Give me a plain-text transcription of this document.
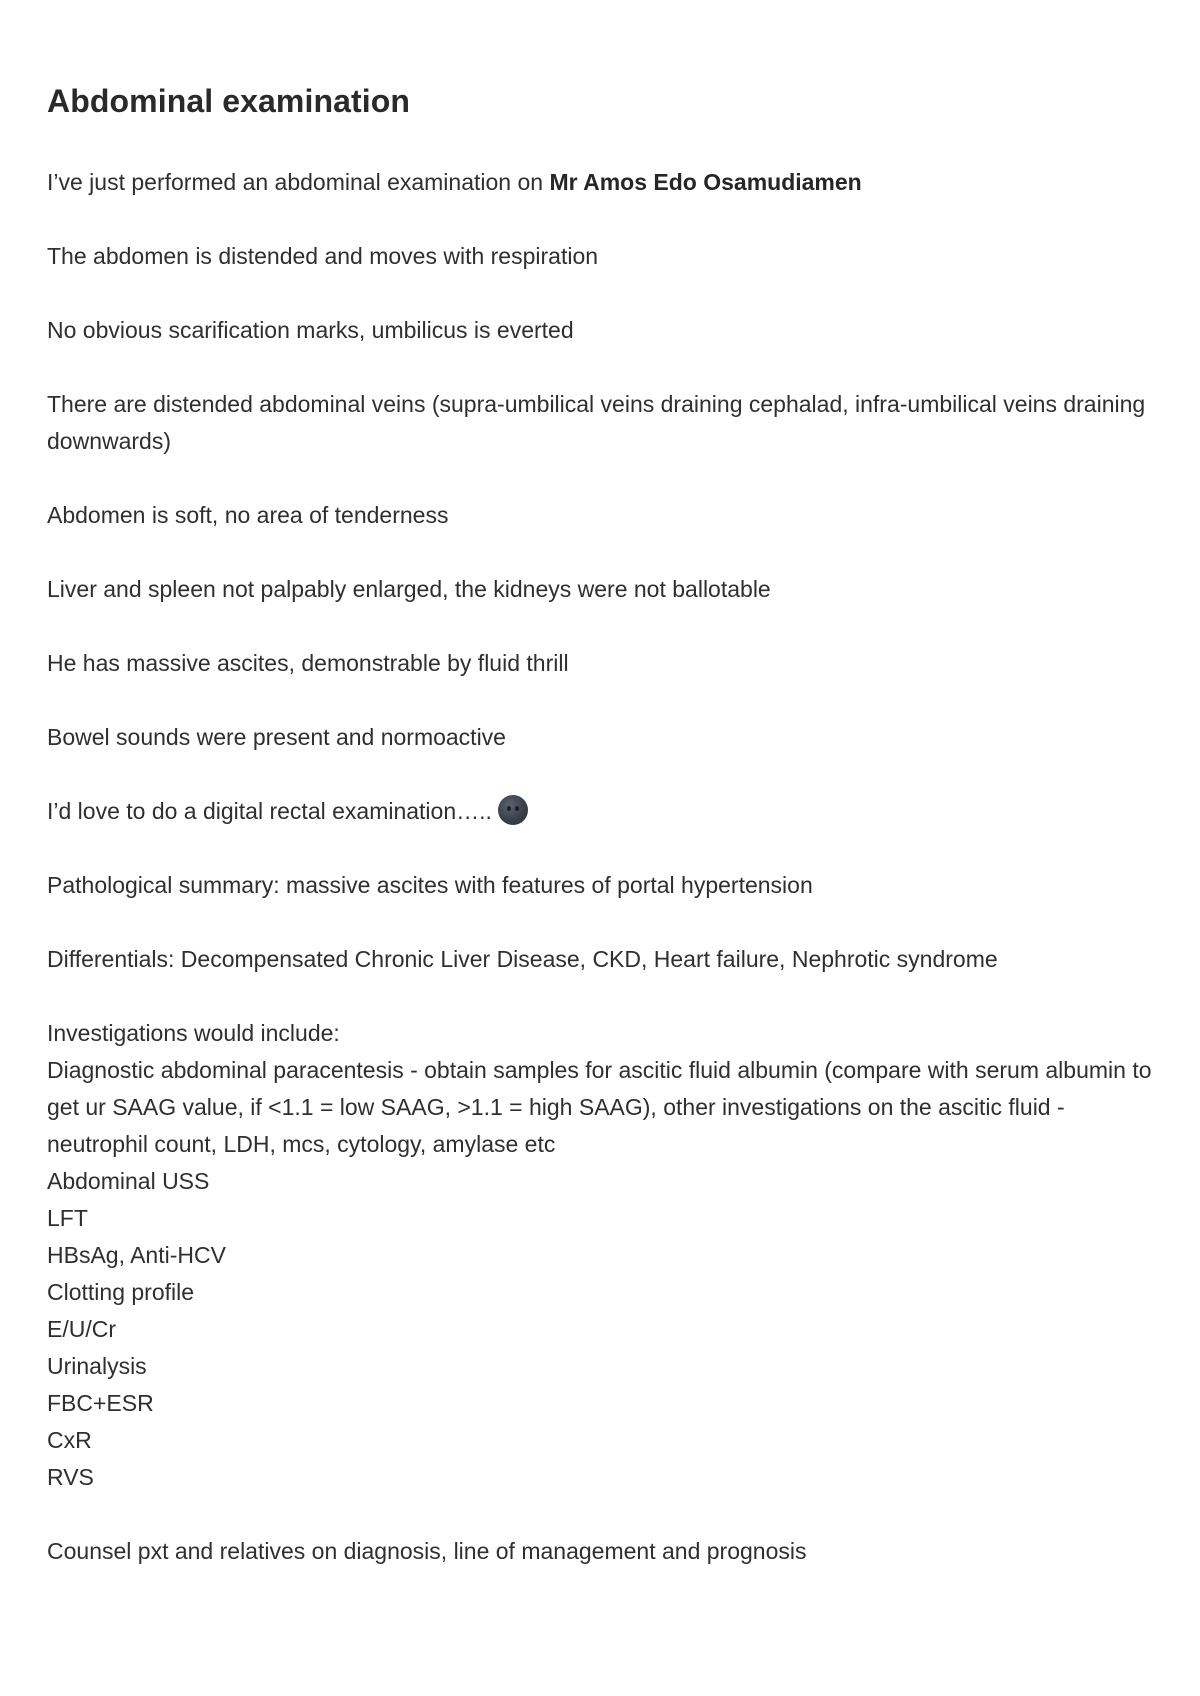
Abdominal examination

I’ve just performed an abdominal examination on Mr Amos Edo Osamudiamen

The abdomen is distended and moves with respiration

No obvious scarification marks, umbilicus is everted

There are distended abdominal veins (supra-umbilical veins draining cephalad, infra-umbilical veins draining downwards)

Abdomen is soft, no area of tenderness

Liver and spleen not palpably enlarged, the kidneys were not ballotable

He has massive ascites, demonstrable by fluid thrill

Bowel sounds were present and normoactive

I’d love to do a digital rectal examination…..

Pathological summary: massive ascites with features of portal hypertension

Differentials: Decompensated Chronic Liver Disease, CKD, Heart failure, Nephrotic syndrome

Investigations would include:

Diagnostic abdominal paracentesis - obtain samples for ascitic fluid albumin (compare with serum albumin to get ur SAAG value, if <1.1 = low SAAG, >1.1 = high SAAG), other investigations on the ascitic fluid - neutrophil count, LDH, mcs, cytology, amylase etc
Abdominal USS
LFT
HBsAg, Anti-HCV
Clotting profile
E/U/Cr
Urinalysis
FBC+ESR
CxR
RVS

Counsel pxt and relatives on diagnosis, line of management and prognosis
